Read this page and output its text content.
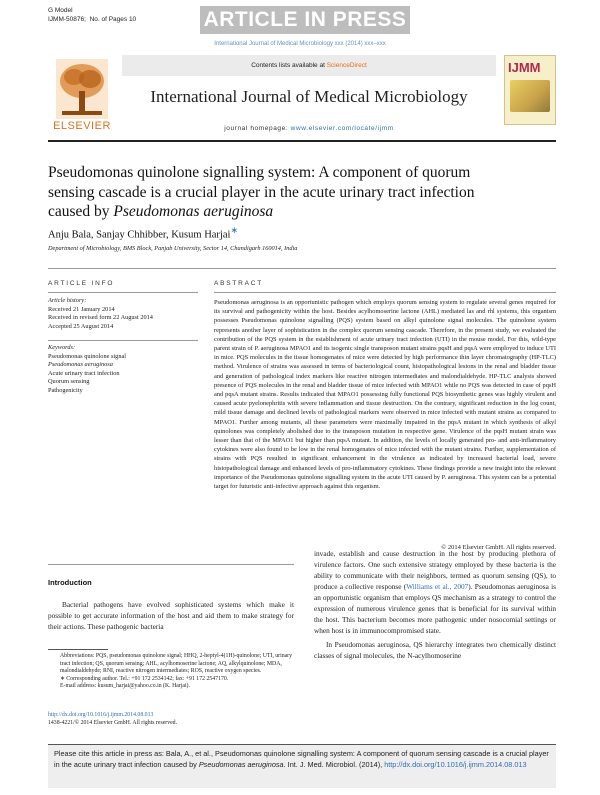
G Model
IJMM-50876; No. of Pages 10	ARTICLE IN PRESS
International Journal of Medical Microbiology xxx (2014) xxx–xxx
ELSEVIER
Contents lists available at ScienceDirect
International Journal of Medical Microbiology
journal homepage: www.elsevier.com/locate/ijmm
IJMM
Pseudomonas quinolone signalling system: A component of quorum
sensing cascade is a crucial player in the acute urinary tract infection
caused by Pseudomonas aeruginosa
Anju Bala, Sanjay Chhibber, Kusum Harjai∗
Department of Microbiology, BMS Block, Panjab University, Sector 14, Chandigarh 160014, India
ARTICLE INFO	ABSTRACT
Article history:
Received 21 January 2014
Received in revised form 22 August 2014
Accepted 25 August 2014
Keywords:
Pseudomonas quinolone signal
Pseudomonas aeruginosa
Acute urinary tract infection
Quorum sensing
Pathogenicity
Pseudomonas aeruginosa is an opportunistic pathogen which employs quorum sensing system to regulate several genes required for its survival and pathogenicity within the host. Besides acylhomoserine lactone (AHL) mediated las and rhl systems, this organism possesses Pseudomonas quinolone signalling (PQS) system based on alkyl quinolone signal molecules. The quinolone system represents another layer of sophistication in the complex quorum sensing cascade. Therefore, in the present study, we evaluated the contribution of the PQS system in the establishment of acute urinary tract infection (UTI) in the mouse model. For this, wild-type parent strain of P. aeruginosa MPAO1 and its isogenic single transposon mutant strains pqsH and pqsA were employed to induce UTI in mice. PQS molecules in the tissue homogenates of mice were detected by high performance thin layer chromatography (HP-TLC) method. Virulence of strains was assessed in terms of bacteriological count, histopathological lesions in the renal and bladder tissue and generation of pathological index markers like reactive nitrogen intermediates and malondialdehyde. HP-TLC analysis showed presence of PQS molecules in the renal and bladder tissue of mice infected with MPAO1 while no PQS was detected in case of pqsH and pqsA mutant strains. Results indicated that MPAO1 possessing fully functional PQS biosynthetic genes was highly virulent and caused acute pyelonephritis with severe inflammation and tissue destruction. On the contrary, significant reduction in the log count, mild tissue damage and declined levels of pathological markers were observed in mice infected with mutant strains as compared to MPAO1. Further among mutants, all these parameters were maximally impaired in the pqsA mutant in which synthesis of alkyl quinolones was completely abolished due to the transposon mutation in respective gene. Virulence of the pqsH mutant strain was lesser than that of the MPAO1 but higher than pqsA mutant. In addition, the levels of locally generated pro- and anti-inflammatory cytokines were also found to be low in the renal homogenates of mice infected with the mutant strains. Further, supplementation of strains with PQS resulted in significant enhancement in the virulence as indicated by increased bacterial load, severe histopathological damage and enhanced levels of pro-inflammatory cytokines. These findings provide a new insight into the relevant importance of the Pseudomonas quinolone signalling system in the acute UTI caused by P. aeruginosa. This system can be a potential target for futuristic anti-infective approach against this organism.
© 2014 Elsevier GmbH. All rights reserved.
Introduction
Bacterial pathogens have evolved sophisticated systems which make it possible to get accurate information of the host and aid them to make strategy for their actions. These pathogenic bacteria

invade, establish and cause destruction in the host by producing plethora of virulence factors. One such extensive strategy employed by these bacteria is the ability to communicate with their neighbors, termed as quorum sensing (QS), to produce a collective response (Williams et al., 2007). Pseudomonas aeruginosa is an opportunistic organism that employs QS mechanism as a strategy to control the expression of numerous virulence genes that is beneficial for its survival within the host. This bacterium becomes more pathogenic under nosocomial settings or when host is in immunocompromised state.

In Pseudomonas aeruginosa, QS hierarchy integrates two chemically distinct classes of signal molecules, the N-acylhomoserine

Abbreviations: PQS, pseudomonas quinolone signal; HHQ, 2-heptyl-4(1H)-quinolone; UTI, urinary tract infection; QS, quorum sensing; AHL, acylhomoserine lactone; AQ, alkylquinolone; MDA, malondialdehyde; RNI, reactive nitrogen intermediates; ROS, reactive oxygen species.
∗ Corresponding author. Tel.: +91 172 2534142; fax: +91 172 2547170.
E-mail address: kusum_harjai@yahoo.co.in (K. Harjai).
http://dx.doi.org/10.1016/j.ijmm.2014.08.013
1438-4221/© 2014 Elsevier GmbH. All rights reserved.
Please cite this article in press as: Bala, A., et al., Pseudomonas quinolone signalling system: A component of quorum sensing cascade is a crucial player in the acute urinary tract infection caused by Pseudomonas aeruginosa. Int. J. Med. Microbiol. (2014), http://dx.doi.org/10.1016/j.ijmm.2014.08.013
